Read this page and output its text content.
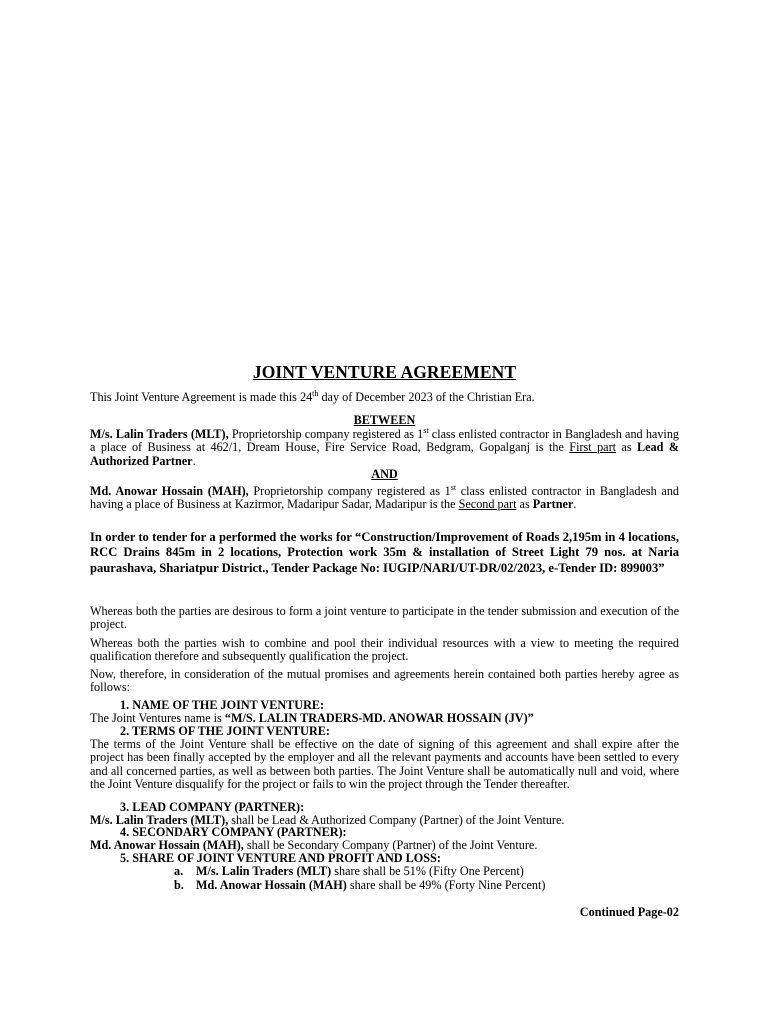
JOINT VENTURE AGREEMENT
This Joint Venture Agreement is made this 24th day of December 2023 of the Christian Era.
BETWEEN
M/s. Lalin Traders (MLT), Proprietorship company registered as 1st class enlisted contractor in Bangladesh and having a place of Business at 462/1, Dream House, Fire Service Road, Bedgram, Gopalganj is the First part as Lead & Authorized Partner.
AND
Md. Anowar Hossain (MAH), Proprietorship company registered as 1st class enlisted contractor in Bangladesh and having a place of Business at Kazirmor, Madaripur Sadar, Madaripur is the Second part as Partner.
In order to tender for a performed the works for “Construction/Improvement of Roads 2,195m in 4 locations, RCC Drains 845m in 2 locations, Protection work 35m & installation of Street Light 79 nos. at Naria paurashava, Shariatpur District., Tender Package No: IUGIP/NARI/UT-DR/02/2023, e-Tender ID: 899003”
Whereas both the parties are desirous to form a joint venture to participate in the tender submission and execution of the project.
Whereas both the parties wish to combine and pool their individual resources with a view to meeting the required qualification therefore and subsequently qualification the project.
Now, therefore, in consideration of the mutual promises and agreements herein contained both parties hereby agree as follows:
1. NAME OF THE JOINT VENTURE:
The Joint Ventures name is “M/S. LALIN TRADERS-MD. ANOWAR HOSSAIN (JV)”
2. TERMS OF THE JOINT VENTURE:
The terms of the Joint Venture shall be effective on the date of signing of this agreement and shall expire after the project has been finally accepted by the employer and all the relevant payments and accounts have been settled to every and all concerned parties, as well as between both parties. The Joint Venture shall be automatically null and void, where the Joint Venture disqualify for the project or fails to win the project through the Tender thereafter.
3. LEAD COMPANY (PARTNER):
M/s. Lalin Traders (MLT), shall be Lead & Authorized Company (Partner) of the Joint Venture.
4. SECONDARY COMPANY (PARTNER):
Md. Anowar Hossain (MAH), shall be Secondary Company (Partner) of the Joint Venture.
5. SHARE OF JOINT VENTURE AND PROFIT AND LOSS:
a. M/s. Lalin Traders (MLT) share shall be 51% (Fifty One Percent)
b. Md. Anowar Hossain (MAH) share shall be 49% (Forty Nine Percent)
Continued Page-02
